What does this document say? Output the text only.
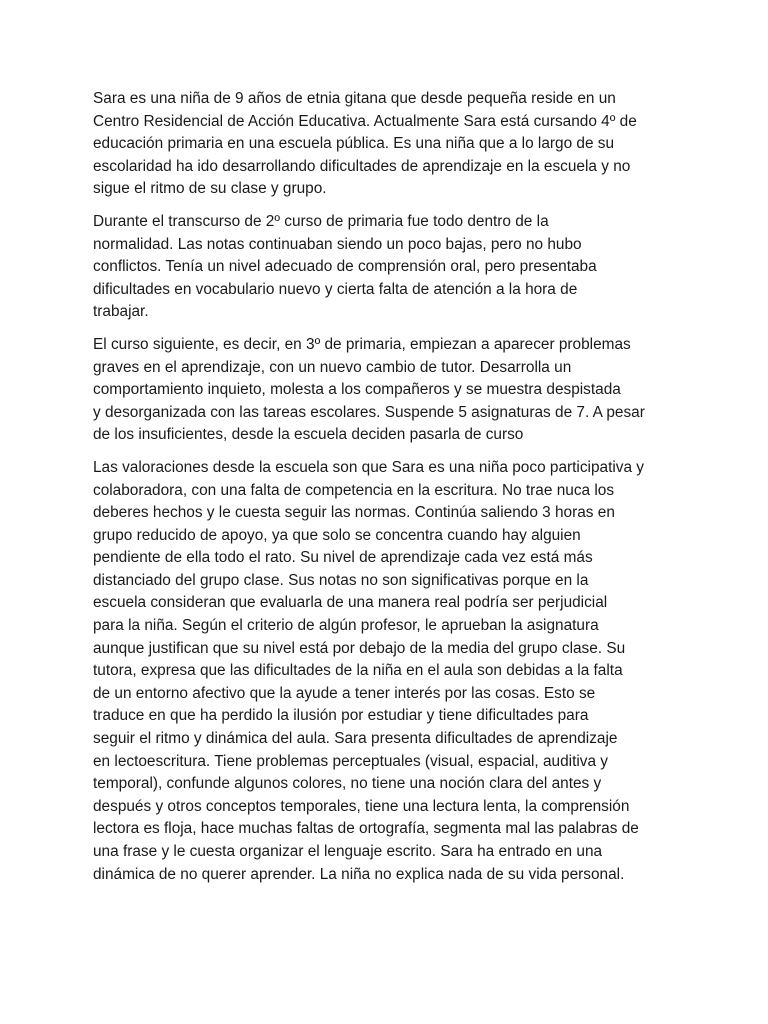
Sara es una niña de 9 años de etnia gitana que desde pequeña reside en un
Centro Residencial de Acción Educativa. Actualmente Sara está cursando 4º de
educación primaria en una escuela pública. Es una niña que a lo largo de su
escolaridad ha ido desarrollando dificultades de aprendizaje en la escuela y no
sigue el ritmo de su clase y grupo.

Durante el transcurso de 2º curso de primaria fue todo dentro de la
normalidad. Las notas continuaban siendo un poco bajas, pero no hubo
conflictos. Tenía un nivel adecuado de comprensión oral, pero presentaba
dificultades en vocabulario nuevo y cierta falta de atención a la hora de
trabajar.

El curso siguiente, es decir, en 3º de primaria, empiezan a aparecer problemas
graves en el aprendizaje, con un nuevo cambio de tutor. Desarrolla un
comportamiento inquieto, molesta a los compañeros y se muestra despistada
y desorganizada con las tareas escolares. Suspende 5 asignaturas de 7. A pesar
de los insuficientes, desde la escuela deciden pasarla de curso

Las valoraciones desde la escuela son que Sara es una niña poco participativa y
colaboradora, con una falta de competencia en la escritura. No trae nuca los
deberes hechos y le cuesta seguir las normas. Continúa saliendo 3 horas en
grupo reducido de apoyo, ya que solo se concentra cuando hay alguien
pendiente de ella todo el rato. Su nivel de aprendizaje cada vez está más
distanciado del grupo clase. Sus notas no son significativas porque en la
escuela consideran que evaluarla de una manera real podría ser perjudicial
para la niña. Según el criterio de algún profesor, le aprueban la asignatura
aunque justifican que su nivel está por debajo de la media del grupo clase. Su
tutora, expresa que las dificultades de la niña en el aula son debidas a la falta
de un entorno afectivo que la ayude a tener interés por las cosas. Esto se
traduce en que ha perdido la ilusión por estudiar y tiene dificultades para
seguir el ritmo y dinámica del aula. Sara presenta dificultades de aprendizaje
en lectoescritura. Tiene problemas perceptuales (visual, espacial, auditiva y
temporal), confunde algunos colores, no tiene una noción clara del antes y
después y otros conceptos temporales, tiene una lectura lenta, la comprensión
lectora es floja, hace muchas faltas de ortografía, segmenta mal las palabras de
una frase y le cuesta organizar el lenguaje escrito. Sara ha entrado en una
dinámica de no querer aprender. La niña no explica nada de su vida personal.
